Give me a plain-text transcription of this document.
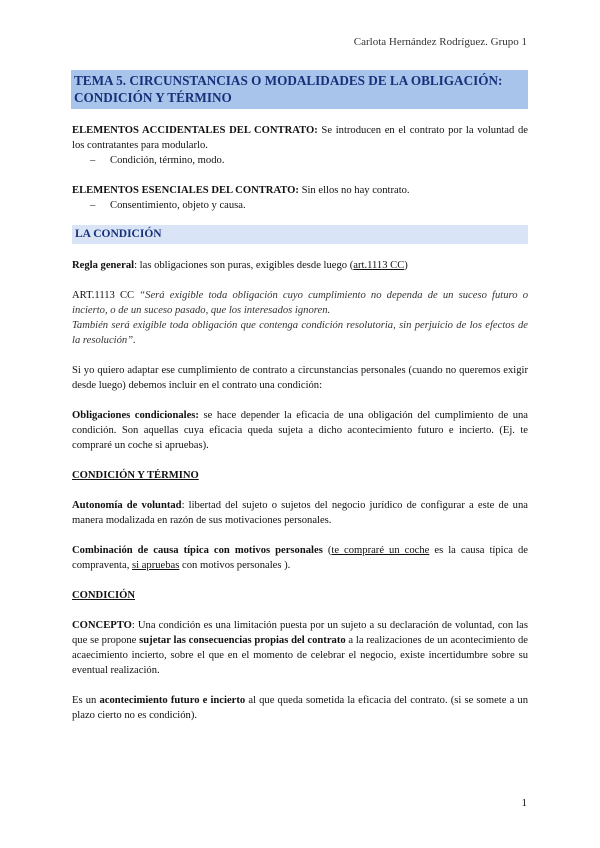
Carlota Hernández Rodríguez. Grupo 1
TEMA 5. CIRCUNSTANCIAS O MODALIDADES DE LA OBLIGACIÓN: CONDICIÓN Y TÉRMINO

ELEMENTOS ACCIDENTALES DEL CONTRATO: Se introducen en el contrato por la voluntad de los contratantes para modularlo.

– Condición, término, modo.

ELEMENTOS ESENCIALES DEL CONTRATO: Sin ellos no hay contrato.

– Consentimiento, objeto y causa.
LA CONDICIÓN

Regla general: las obligaciones son puras, exigibles desde luego (art.1113 CC)

ART.1113 CC “Será exigible toda obligación cuyo cumplimiento no dependa de un suceso futuro o incierto, o de un suceso pasado, que los interesados ignoren.

También será exigible toda obligación que contenga condición resolutoria, sin perjuicio de los efectos de la resolución”.

Si yo quiero adaptar ese cumplimiento de contrato a circunstancias personales (cuando no queremos exigir desde luego) debemos incluir en el contrato una condición:

Obligaciones condicionales: se hace depender la eficacia de una obligación del cumplimiento de una condición. Son aquellas cuya eficacia queda sujeta a dicho acontecimiento futuro e incierto. (Ej. te compraré un coche si apruebas).

CONDICIÓN Y TÉRMINO

Autonomía de voluntad: libertad del sujeto o sujetos del negocio jurídico de configurar a este de una manera modalizada en razón de sus motivaciones personales.

Combinación de causa típica con motivos personales (te compraré un coche es la causa típica de compraventa, si apruebas con motivos personales ).

CONDICIÓN

CONCEPTO: Una condición es una limitación puesta por un sujeto a su declaración de voluntad, con las que se propone sujetar las consecuencias propias del contrato a la realizaciones de un acontecimiento de acaecimiento incierto, sobre el que en el momento de celebrar el negocio, existe incertidumbre sobre su eventual realización.

Es un acontecimiento futuro e incierto al que queda sometida la eficacia del contrato. (si se somete a un plazo cierto no es condición).

1
